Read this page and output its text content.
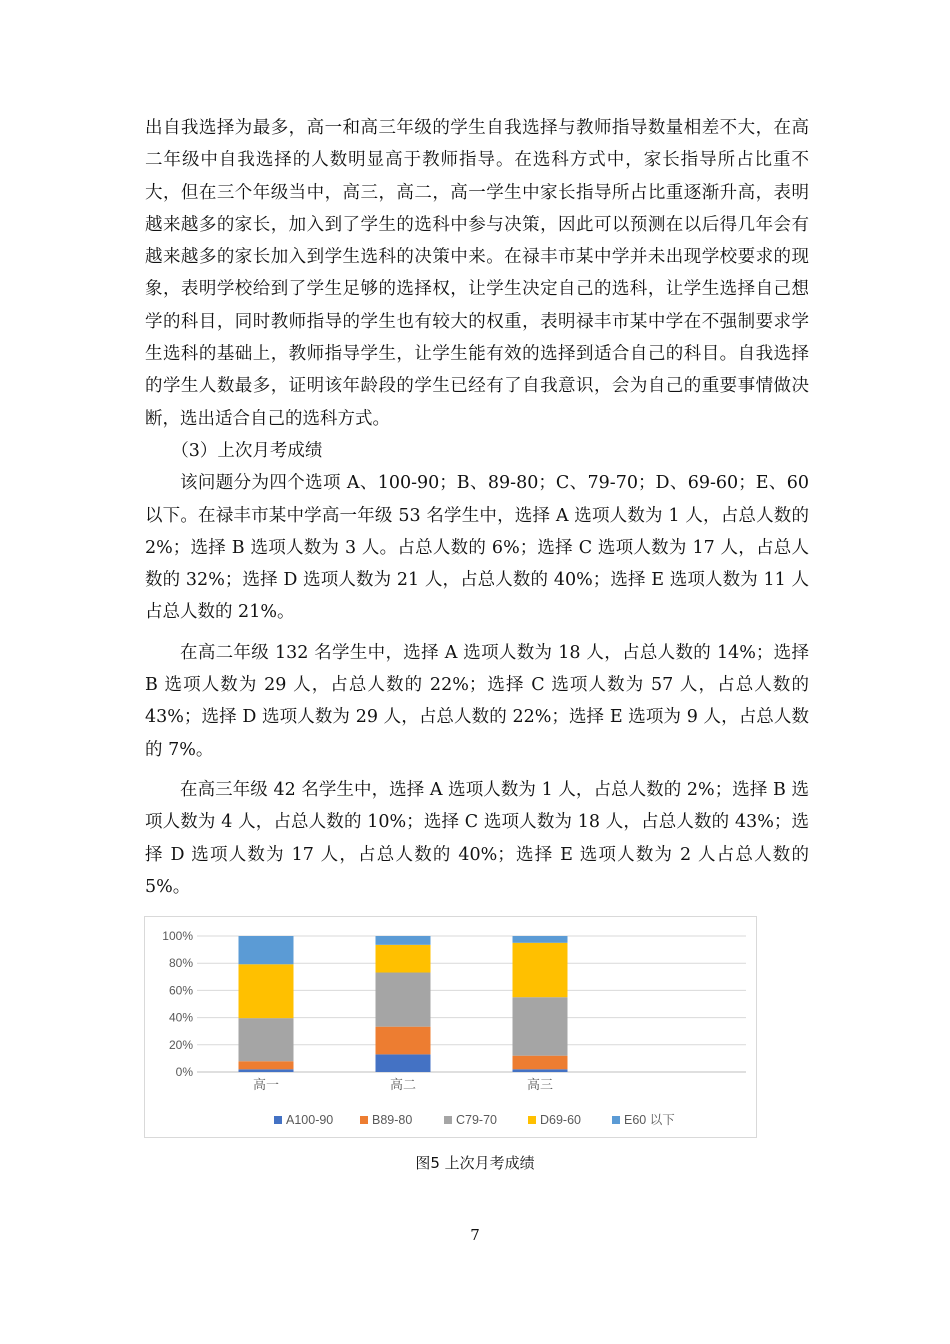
出自我选择为最多，高一和高三年级的学生自我选择与教师指导数量相差不大，在高二年级中自我选择的人数明显高于教师指导。在选科方式中，家长指导所占比重不大，但在三个年级当中，高三，高二，高一学生中家长指导所占比重逐渐升高，表明越来越多的家长，加入到了学生的选科中参与决策，因此可以预测在以后得几年会有越来越多的家长加入到学生选科的决策中来。在禄丰市某中学并未出现学校要求的现象，表明学校给到了学生足够的选择权，让学生决定自己的选科，让学生选择自己想学的科目，同时教师指导的学生也有较大的权重，表明禄丰市某中学在不强制要求学生选科的基础上，教师指导学生，让学生能有效的选择到适合自己的科目。自我选择的学生人数最多，证明该年龄段的学生已经有了自我意识，会为自己的重要事情做决断，选出适合自己的选科方式。

（3）上次月考成绩

该问题分为四个选项 A、100-90；B、89-80；C、79-70；D、69-60；E、60以下。在禄丰市某中学高一年级 53 名学生中，选择 A 选项人数为 1 人，占总人数的 2%；选择 B 选项人数为 3 人。占总人数的 6%；选择 C 选项人数为 17 人，占总人数的 32%；选择 D 选项人数为 21 人，占总人数的 40%；选择 E 选项人数为 11 人占总人数的 21%。

在高二年级 132 名学生中，选择 A 选项人数为 18 人，占总人数的 14%；选择 B 选项人数为 29 人，占总人数的 22%；选择 C 选项人数为 57 人，占总人数的 43%；选择 D 选项人数为 29 人，占总人数的 22%；选择 E 选项为 9 人，占总人数的 7%。

在高三年级 42 名学生中，选择 A 选项人数为 1 人，占总人数的 2%；选择 B 选项人数为 4 人，占总人数的 10%；选择 C 选项人数为 18 人，占总人数的 43%；选择 D 选项人数为 17 人，占总人数的 40%；选择 E 选项人数为 2 人占总人数的 5%。

0%
20%
40%
60%
80%
100%
高一	高二	高三
A100-90	B89-80	C79-70	D69-60	E60 以下
图5 上次月考成绩
7
